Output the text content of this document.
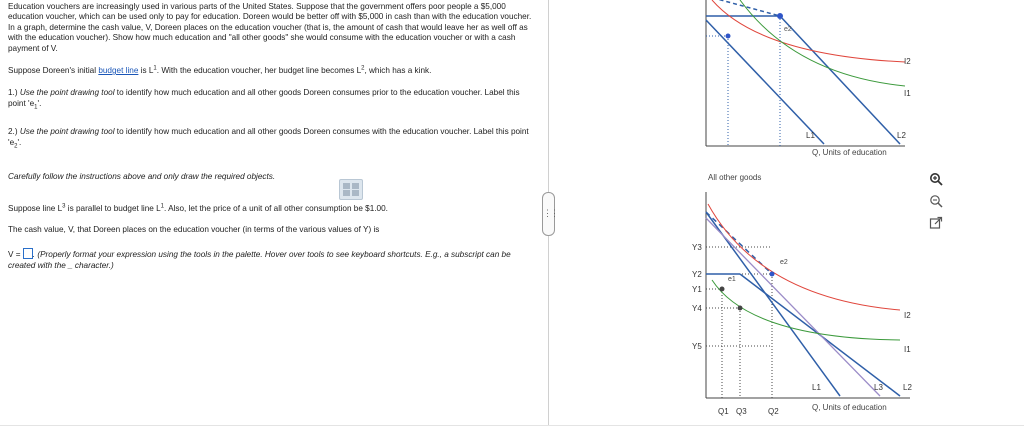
Education vouchers are increasingly used in various parts of the United States. Suppose that the government offers poor people a $5,000 education voucher, which can be used only to pay for education. Doreen would be better off with $5,000 in cash than with the education voucher. In a graph, determine the cash value, V, Doreen places on the education voucher (that is, the amount of cash that would leave her as well off as with the education voucher). Show how much education and "all other goods" she would consume with the education voucher or with a cash payment of V.

Suppose Doreen's initial budget line is $L^1$. With the education voucher, her budget line becomes $L^2$, which has a kink.

1.) Use the point drawing tool to identify how much education and all other goods Doreen consumes prior to the education voucher. Label this point '$e_1$'.

2.) Use the point drawing tool to identify how much education and all other goods Doreen consumes with the education voucher. Label this point '$e_2$'.

Carefully follow the instructions above and only draw the required objects.

Suppose line $L^3$ is parallel to budget line $L^1$. Also, let the price of a unit of all other consumption be $1.00.

The cash value, V, that Doreen places on the education voucher (in terms of the various values of Y) is

V = . (Properly format your expression using the tools in the palette. Hover over tools to see keyboard shortcuts. E.g., a subscript can be created with the _ character.)

⋮⋮
e2
L1	L2
I2
I1
Q, Units of education
All other goods
Y3
Y2
Y1
Y4
Y5
e1
e2
L1	L3	L2
I2
I1
Q1 Q3	Q2	Q, Units of education
